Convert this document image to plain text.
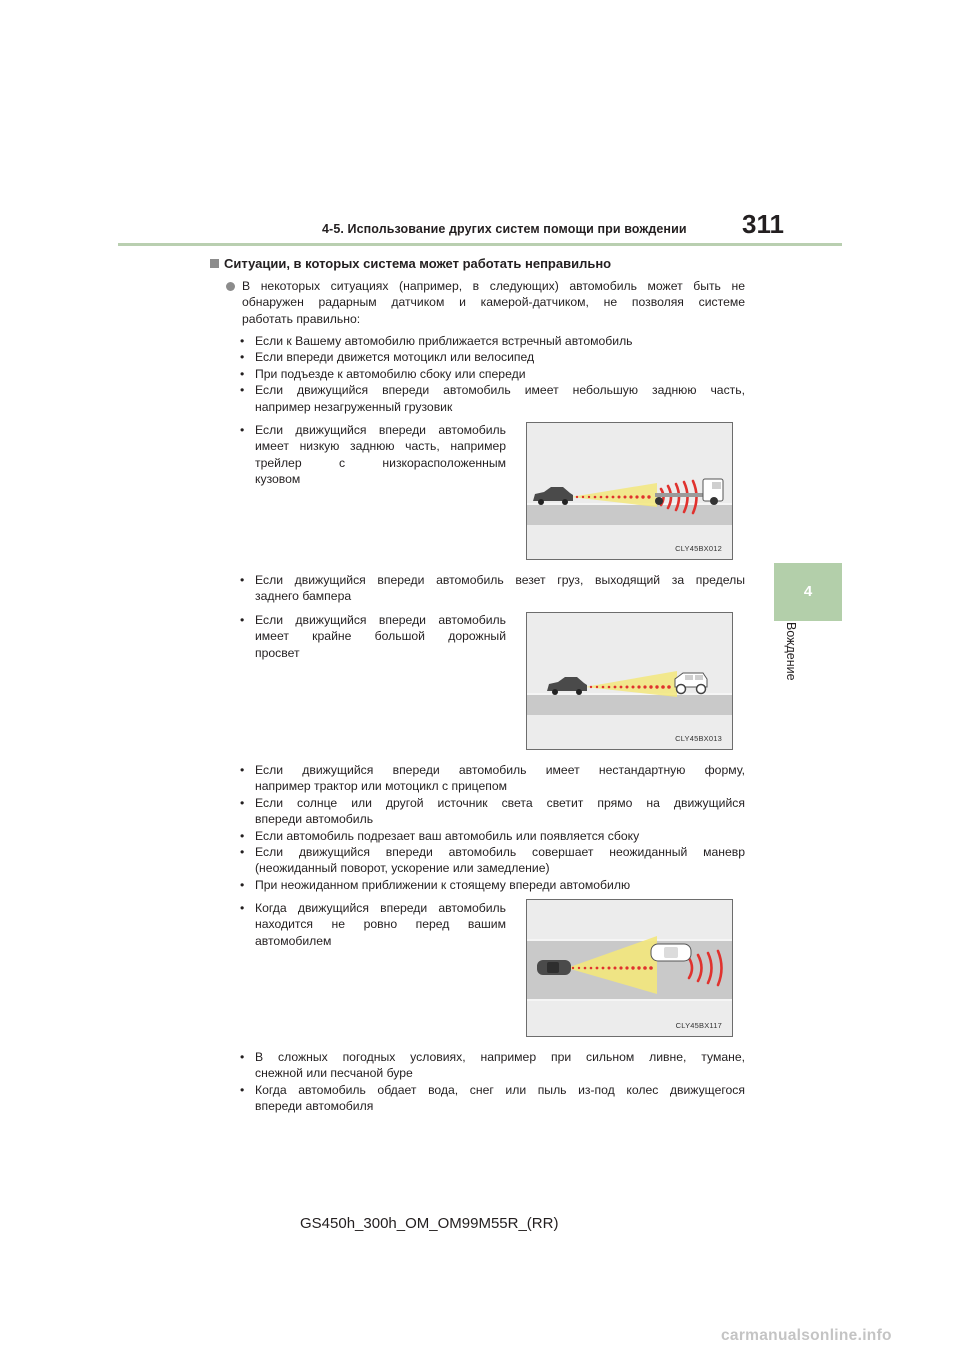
4-5. Использование других систем помощи при вождении 311
4
Вождение
Ситуации, в которых система может работать неправильно
В некоторых ситуациях (например, в следующих) автомобиль может быть не
обнаружен радарным датчиком и камерой-датчиком, не позволяя системе
работать правильно:
• Если к Вашему автомобилю приближается встречный автомобиль
• Если впереди движется мотоцикл или велосипед
• При подъезде к автомобилю сбоку или спереди
• Если движущийся впереди автомобиль имеет небольшую заднюю часть,
например незагруженный грузовик
• Если движущийся впереди автомобиль
имеет низкую заднюю часть, например
трейлер с низкорасположенным
кузовом
CLY45BX012
• Если движущийся впереди автомобиль везет груз, выходящий за пределы
заднего бампера
• Если движущийся впереди автомобиль
имеет крайне большой дорожный
просвет
CLY45BX013
• Если движущийся впереди автомобиль имеет нестандартную форму,
например трактор или мотоцикл с прицепом
• Если солнце или другой источник света светит прямо на движущийся
впереди автомобиль
• Если автомобиль подрезает ваш автомобиль или появляется сбоку
• Если движущийся впереди автомобиль совершает неожиданный маневр
(неожиданный поворот, ускорение или замедление)
• При неожиданном приближении к стоящему впереди автомобилю
• Когда движущийся впереди автомобиль
находится не ровно перед вашим
автомобилем
CLY45BX117
• В сложных погодных условиях, например при сильном ливне, тумане,
снежной или песчаной буре
• Когда автомобиль обдает вода, снег или пыль из-под колес движущегося
впереди автомобиля
GS450h_300h_OM_OM99M55R_(RR)
carmanualsonline.info
